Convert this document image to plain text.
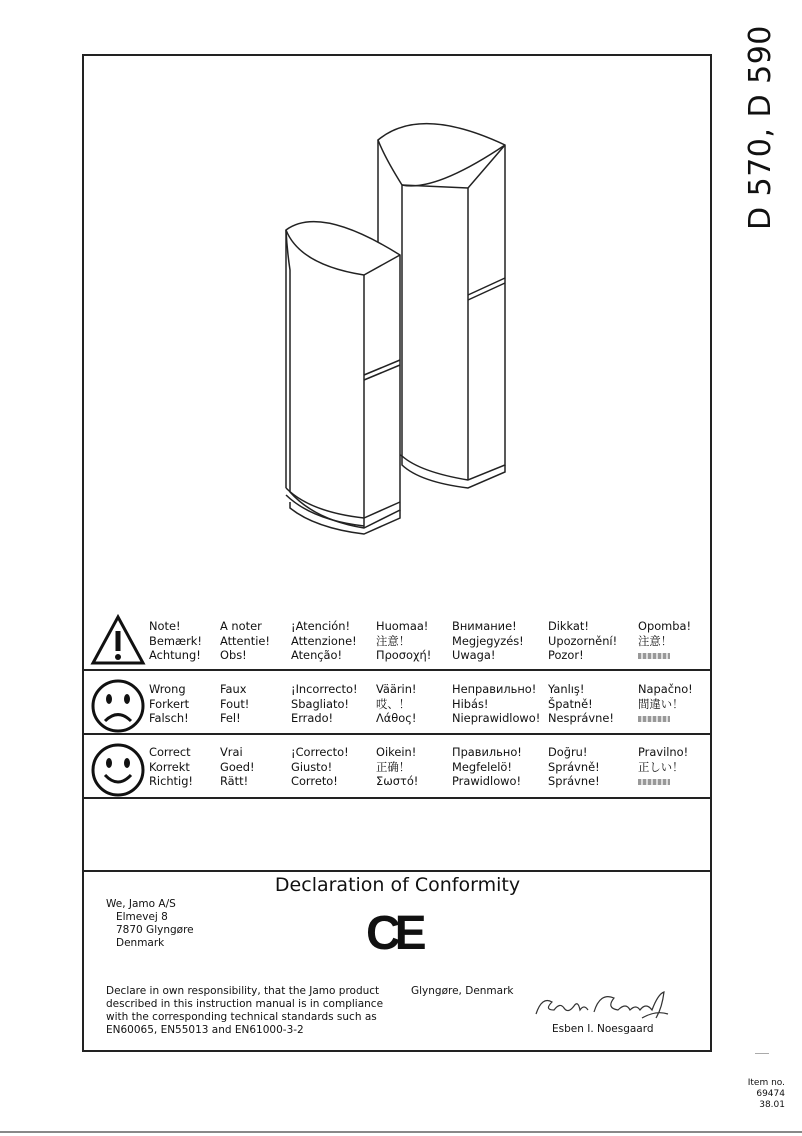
D 570, D 590
Note!
Bemærk!
Achtung!
A noter
Attentie!
Obs!
¡Atención!
Attenzione!
Atenção!
Huomaa!
注意！
Προσοχή!
Внимание!
Megjegyzés!
Uwaga!
Dikkat!
Upozornění!
Pozor!
Opomba!
注意！
Wrong
Forkert
Falsch!
Faux
Fout!
Fel!
¡Incorrecto!
Sbagliato!
Errado!
Väärin!
哎、！
Λάθος!
Неправильно!
Hibás!
Nieprawidlowo!
Yanlış!
Špatně!
Nesprávne!
Napačno!
間違い！
Correct
Korrekt
Richtig!
Vrai
Goed!
Rätt!
¡Correcto!
Giusto!
Correto!
Oikein!
正确！
Σωστό!
Правильно!
Megfelelö!
Prawidlowo!
Doğru!
Správně!
Správne!
Pravilno!
正しい！
Declaration of Conformity
We, Jamo A/S
Elmevej 8
7870 Glyngøre
Denmark	CE
Declare in own responsibility, that the Jamo product described in this instruction manual is in compliance with the corresponding technical standards such as EN60065, EN55013 and EN61000-3-2
Glyngøre, Denmark
Esben I. Noesgaard
Item no.
69474
38.01
